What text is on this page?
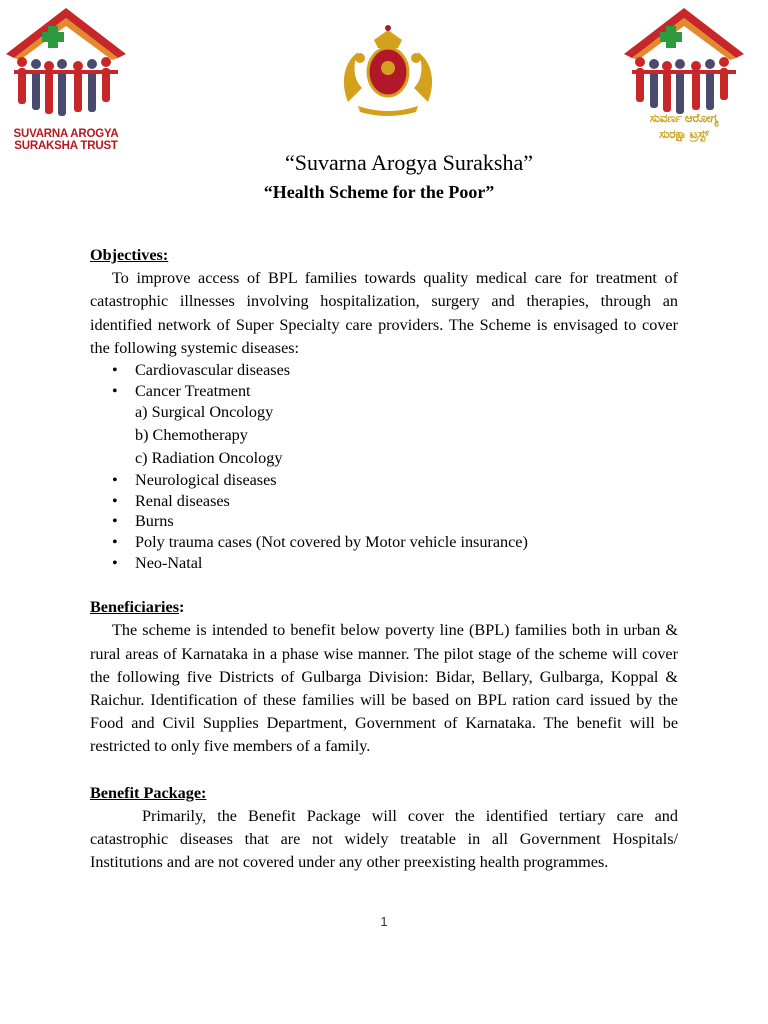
SUVARNA AROGYA
SURAKSHA TRUST
ಸುವರ್ಣ ಆರೋಗ್ಯ
ಸುರಕ್ಷಾ ಟ್ರಸ್ಟ್
“Suvarna Arogya Suraksha”
“Health Scheme for the Poor”
Objectives:

To improve access of BPL families towards quality medical care for treatment of catastrophic illnesses involving hospitalization, surgery and therapies, through an identified network of Super Specialty care providers. The Scheme is envisaged to cover the following systemic diseases:

• Cardiovascular diseases
• Cancer Treatment
a) Surgical Oncology
b) Chemotherapy
c) Radiation Oncology
• Neurological diseases
• Renal diseases
• Burns
• Poly trauma cases (Not covered by Motor vehicle insurance)
• Neo-Natal
Beneficiaries:

The scheme is intended to benefit below poverty line (BPL) families both in urban & rural areas of Karnataka in a phase wise manner. The pilot stage of the scheme will cover the following five Districts of Gulbarga Division: Bidar, Bellary, Gulbarga, Koppal & Raichur. Identification of these families will be based on BPL ration card issued by the Food and Civil Supplies Department, Government of Karnataka. The benefit will be restricted to only five members of a family.

Benefit Package:

Primarily, the Benefit Package will cover the identified tertiary care and catastrophic diseases that are not widely treatable in all Government Hospitals/ Institutions and are not covered under any other preexisting health programmes.

1
